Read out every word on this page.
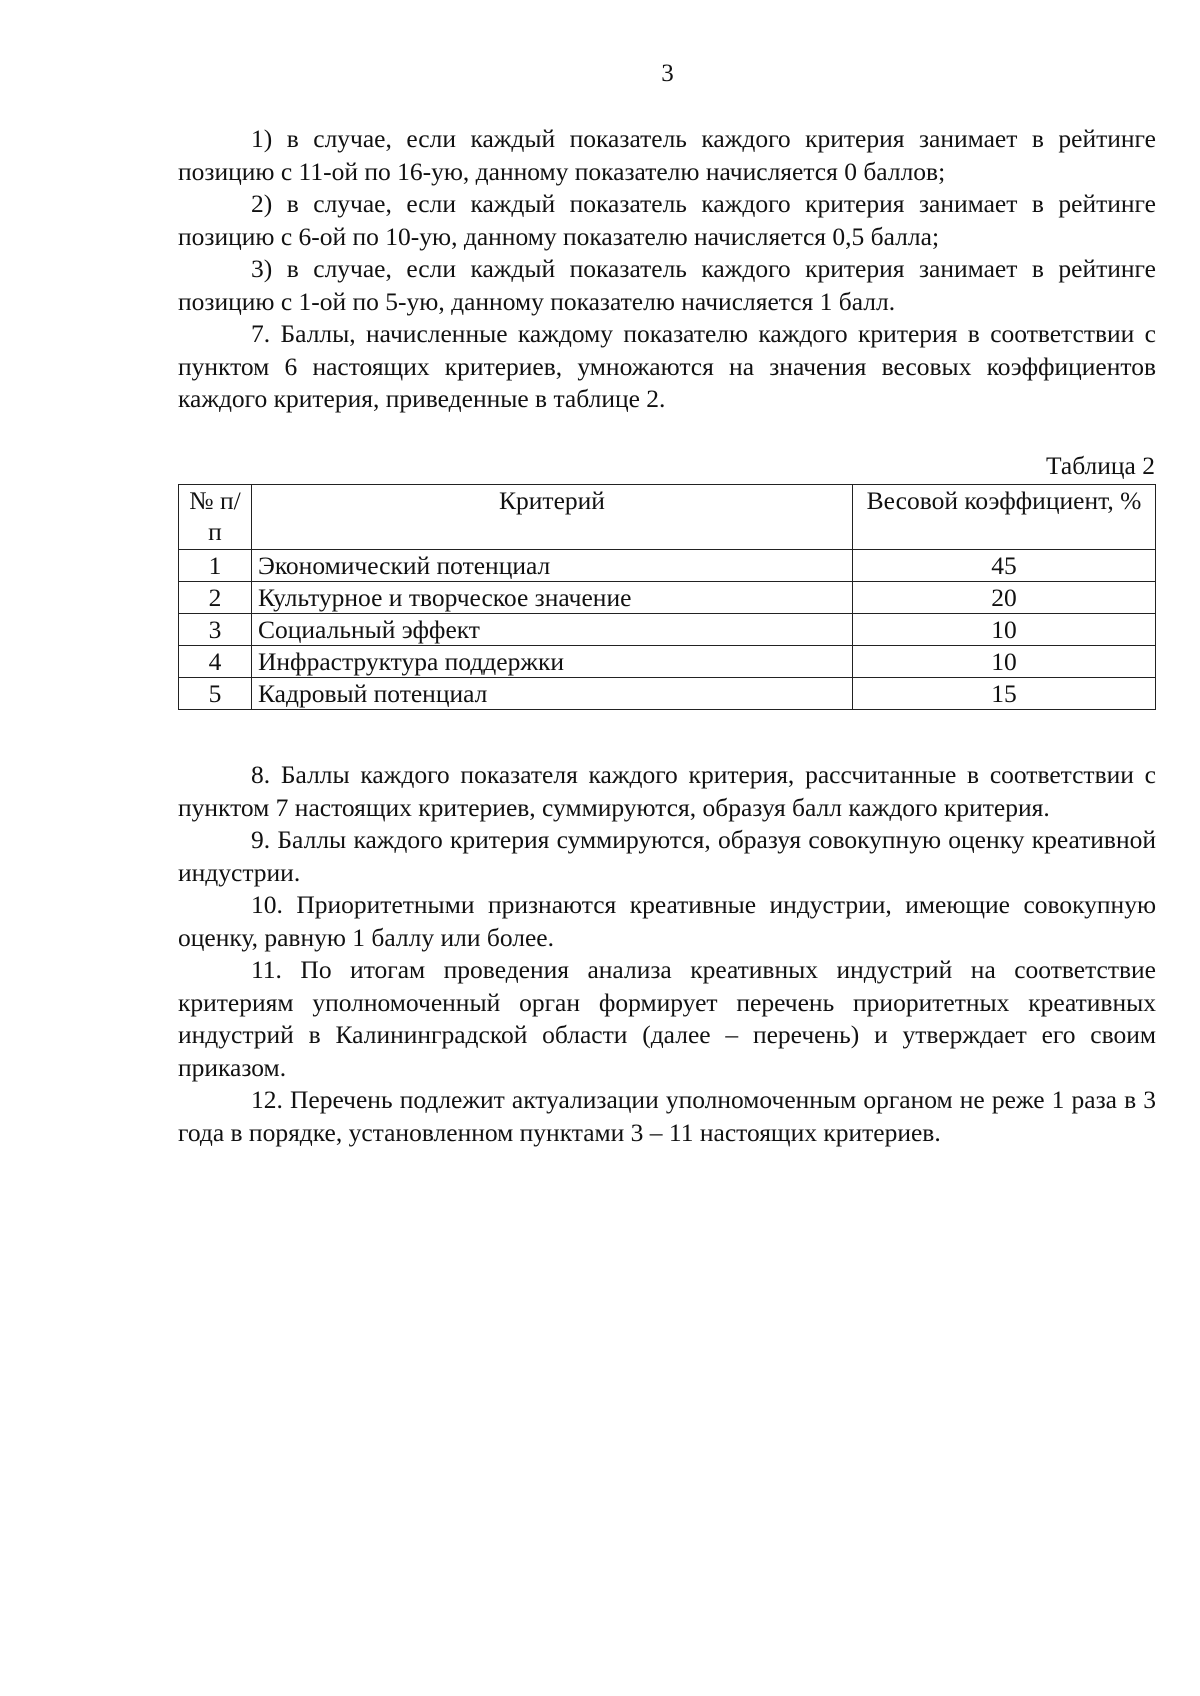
3

1) в случае, если каждый показатель каждого критерия занимает в рейтинге позицию с 11-ой по 16-ую, данному показателю начисляется 0 баллов;

2) в случае, если каждый показатель каждого критерия занимает в рейтинге позицию с 6-ой по 10-ую, данному показателю начисляется 0,5 балла;

3) в случае, если каждый показатель каждого критерия занимает в рейтинге позицию с 1-ой по 5-ую, данному показателю начисляется 1 балл.

7. Баллы, начисленные каждому показателю каждого критерия в соответствии с пунктом 6 настоящих критериев, умножаются на значения весовых коэффициентов каждого критерия, приведенные в таблице 2.

Таблица 2
№ п/п	Критерий	Весовой коэффициент, %
1	Экономический потенциал	45
2	Культурное и творческое значение	20
3	Социальный эффект	10
4	Инфраструктура поддержки	10
5	Кадровый потенциал	15

8. Баллы каждого показателя каждого критерия, рассчитанные в соответствии с пунктом 7 настоящих критериев, суммируются, образуя балл каждого критерия.

9. Баллы каждого критерия суммируются, образуя совокупную оценку креативной индустрии.

10. Приоритетными признаются креативные индустрии, имеющие совокупную оценку, равную 1 баллу или более.

11. По итогам проведения анализа креативных индустрий на соответствие критериям уполномоченный орган формирует перечень приоритетных креативных индустрий в Калининградской области (далее – перечень) и утверждает его своим приказом.

12. Перечень подлежит актуализации уполномоченным органом не реже 1 раза в 3 года в порядке, установленном пунктами 3 – 11 настоящих критериев.
